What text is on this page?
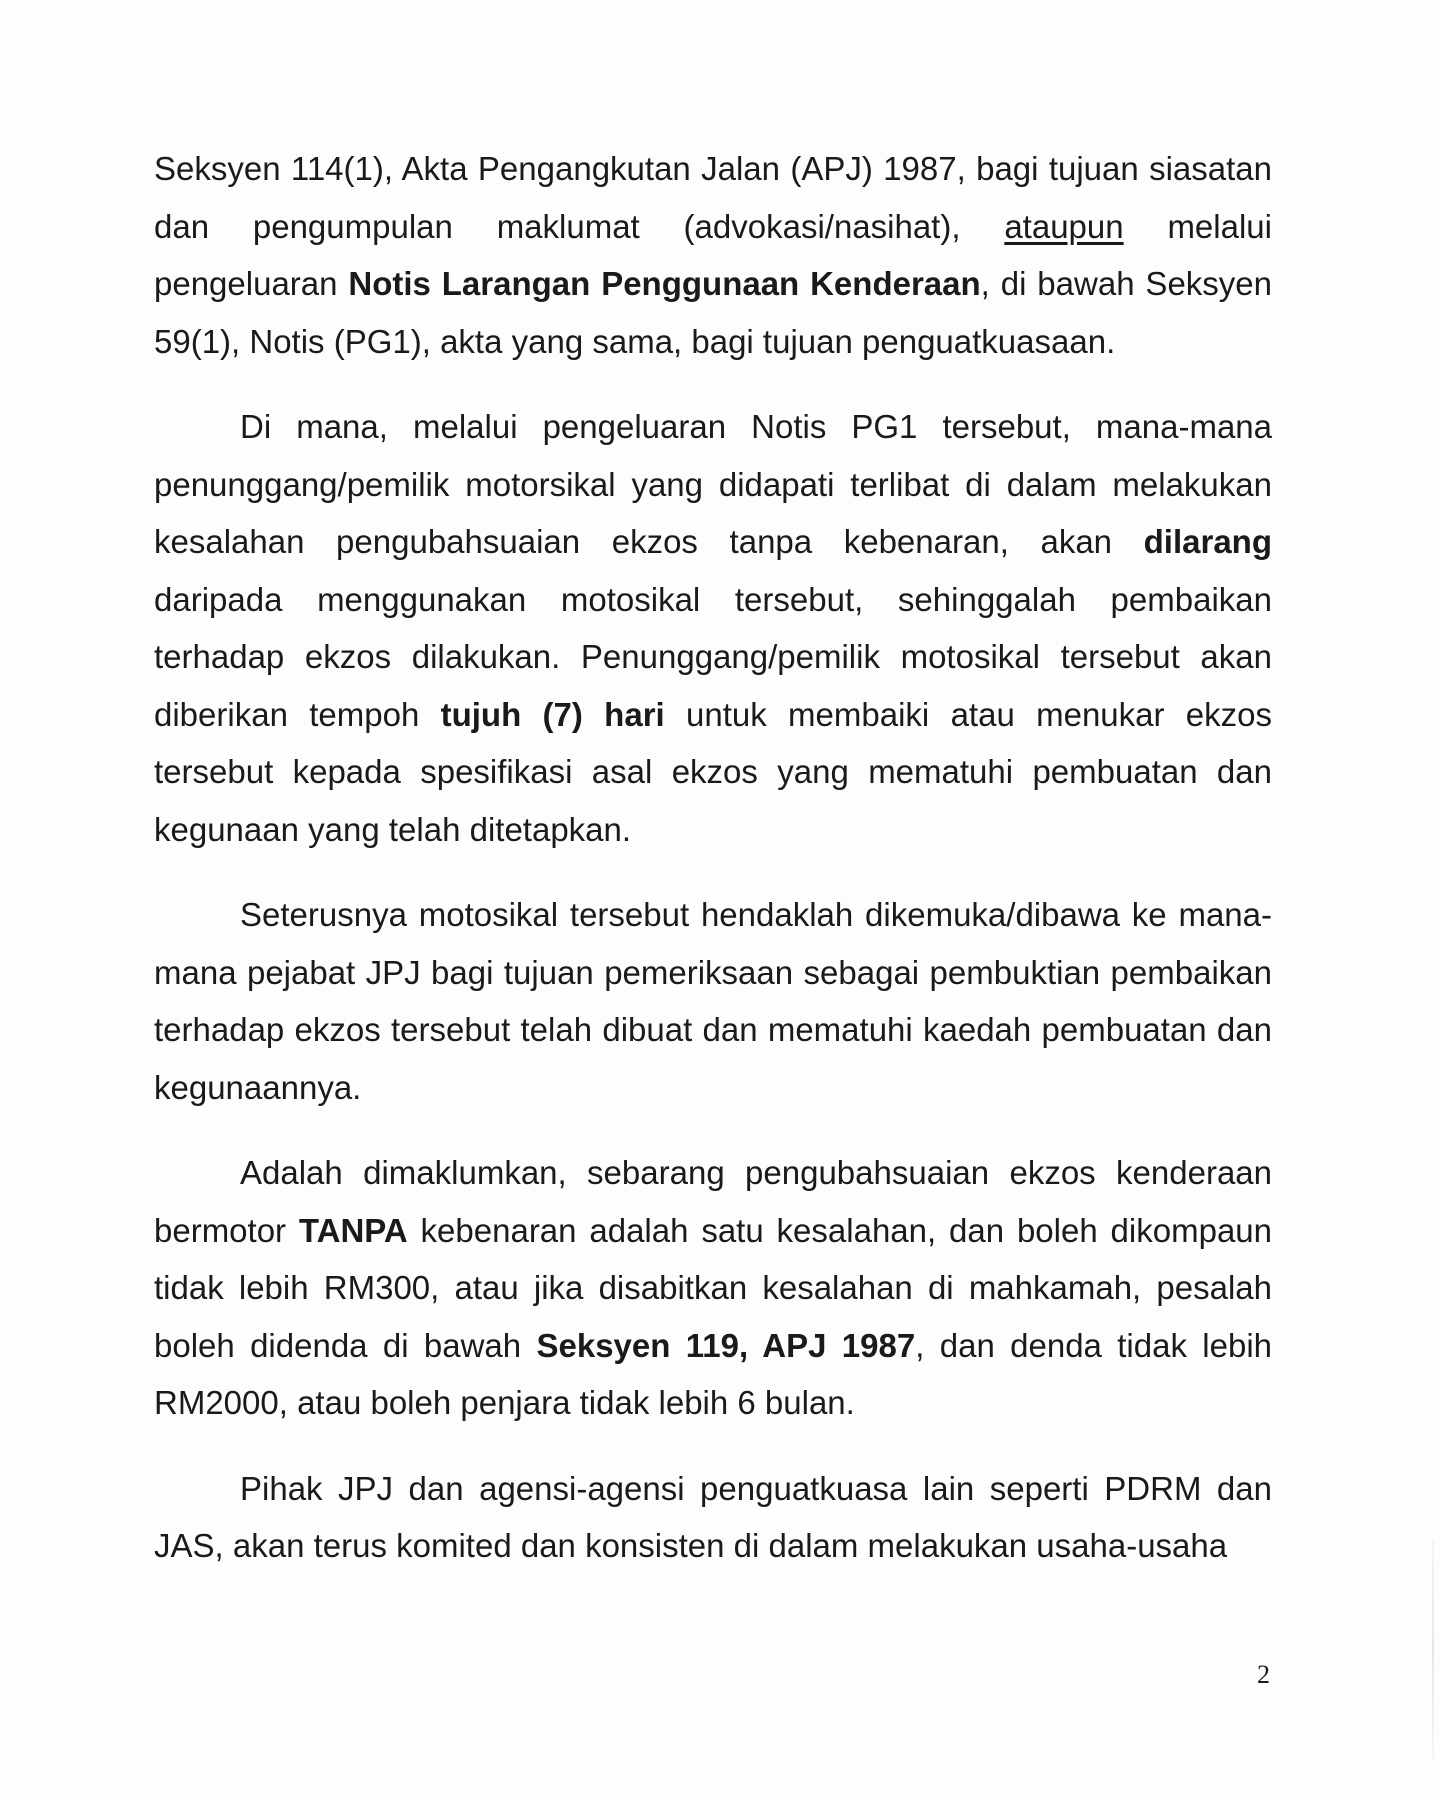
Seksyen 114(1), Akta Pengangkutan Jalan (APJ) 1987, bagi tujuan siasatan dan pengumpulan maklumat (advokasi/nasihat), ataupun melalui pengeluaran Notis Larangan Penggunaan Kenderaan, di bawah Seksyen 59(1), Notis (PG1), akta yang sama, bagi tujuan penguatkuasaan.

Di mana, melalui pengeluaran Notis PG1 tersebut, mana-mana penunggang/pemilik motorsikal yang didapati terlibat di dalam melakukan kesalahan pengubahsuaian ekzos tanpa kebenaran, akan dilarang daripada menggunakan motosikal tersebut, sehinggalah pembaikan terhadap ekzos dilakukan. Penunggang/pemilik motosikal tersebut akan diberikan tempoh tujuh (7) hari untuk membaiki atau menukar ekzos tersebut kepada spesifikasi asal ekzos yang mematuhi pembuatan dan kegunaan yang telah ditetapkan.

Seterusnya motosikal tersebut hendaklah dikemuka/dibawa ke mana-mana pejabat JPJ bagi tujuan pemeriksaan sebagai pembuktian pembaikan terhadap ekzos tersebut telah dibuat dan mematuhi kaedah pembuatan dan kegunaannya.

Adalah dimaklumkan, sebarang pengubahsuaian ekzos kenderaan bermotor TANPA kebenaran adalah satu kesalahan, dan boleh dikompaun tidak lebih RM300, atau jika disabitkan kesalahan di mahkamah, pesalah boleh didenda di bawah Seksyen 119, APJ 1987, dan denda tidak lebih RM2000, atau boleh penjara tidak lebih 6 bulan.

Pihak JPJ dan agensi-agensi penguatkuasa lain seperti PDRM dan JAS, akan terus komited dan konsisten di dalam melakukan usaha-usaha

2
